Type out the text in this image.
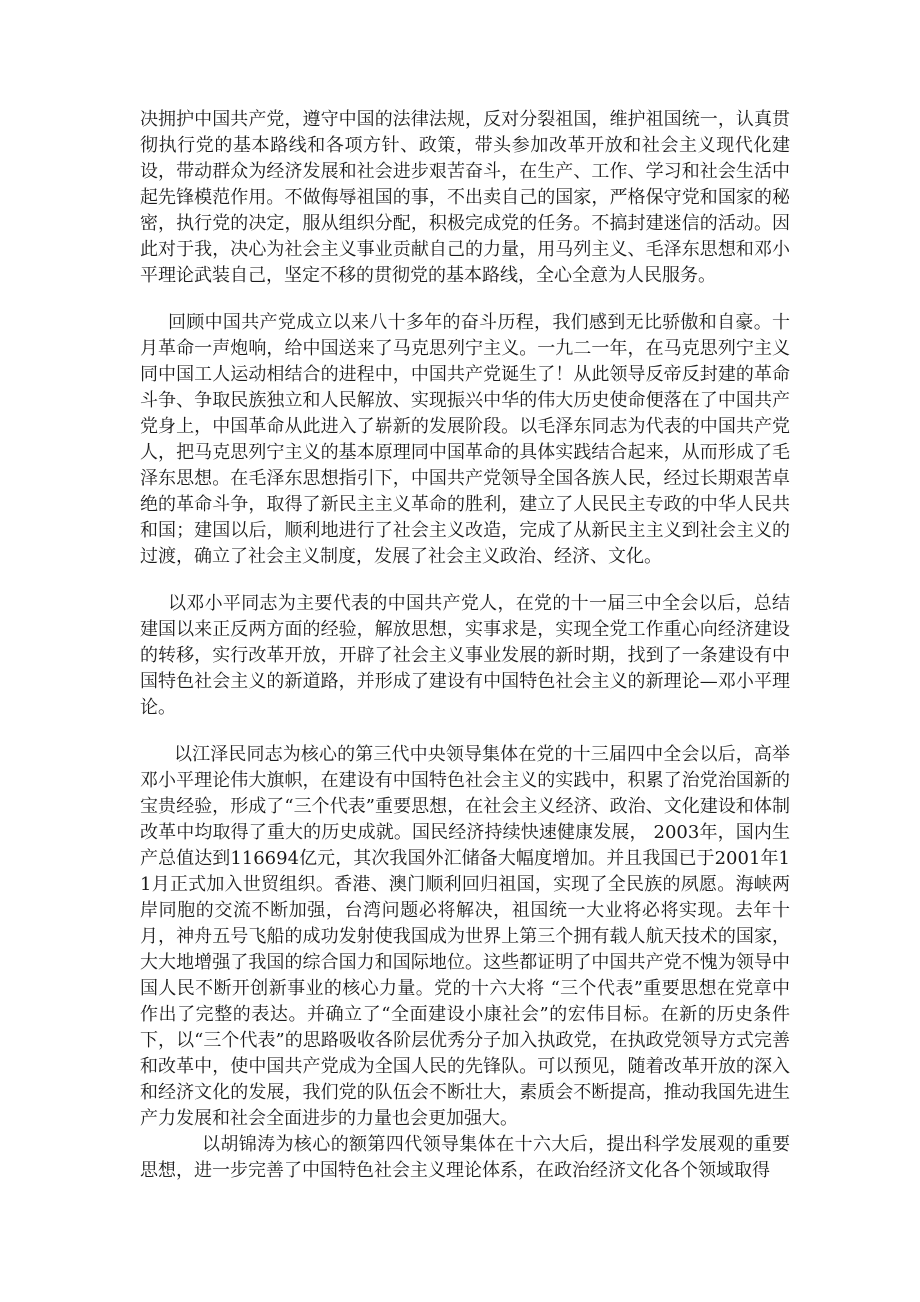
决拥护中国共产党，遵守中国的法律法规，反对分裂祖国，维护祖国统一，认真贯彻执行党的基本路线和各项方针、政策，带头参加改革开放和社会主义现代化建设，带动群众为经济发展和社会进步艰苦奋斗，在生产、工作、学习和社会生活中起先锋模范作用。不做侮辱祖国的事，不出卖自己的国家，严格保守党和国家的秘密，执行党的决定，服从组织分配，积极完成党的任务。不搞封建迷信的活动。因此对于我，决心为社会主义事业贡献自己的力量，用马列主义、毛泽东思想和邓小平理论武装自己，坚定不移的贯彻党的基本路线，全心全意为人民服务。

回顾中国共产党成立以来八十多年的奋斗历程，我们感到无比骄傲和自豪。十月革命一声炮响，给中国送来了马克思列宁主义。一九二一年，在马克思列宁主义同中国工人运动相结合的进程中，中国共产党诞生了！从此领导反帝反封建的革命斗争、争取民族独立和人民解放、实现振兴中华的伟大历史使命便落在了中国共产党身上，中国革命从此进入了崭新的发展阶段。以毛泽东同志为代表的中国共产党人，把马克思列宁主义的基本原理同中国革命的具体实践结合起来，从而形成了毛泽东思想。在毛泽东思想指引下，中国共产党领导全国各族人民，经过长期艰苦卓绝的革命斗争，取得了新民主主义革命的胜利，建立了人民民主专政的中华人民共和国；建国以后，顺利地进行了社会主义改造，完成了从新民主主义到社会主义的过渡，确立了社会主义制度，发展了社会主义政治、经济、文化。

以邓小平同志为主要代表的中国共产党人，在党的十一届三中全会以后，总结建国以来正反两方面的经验，解放思想，实事求是，实现全党工作重心向经济建设的转移，实行改革开放，开辟了社会主义事业发展的新时期，找到了一条建设有中国特色社会主义的新道路，并形成了建设有中国特色社会主义的新理论—邓小平理论。

以江泽民同志为核心的第三代中央领导集体在党的十三届四中全会以后，高举邓小平理论伟大旗帜，在建设有中国特色社会主义的实践中，积累了治党治国新的宝贵经验，形成了“三个代表”重要思想，在社会主义经济、政治、文化建设和体制改革中均取得了重大的历史成就。国民经济持续快速健康发展， 2003年，国内生产总值达到116694亿元，其次我国外汇储备大幅度增加。并且我国已于2001年11月正式加入世贸组织。香港、澳门顺利回归祖国，实现了全民族的夙愿。海峡两岸同胞的交流不断加强，台湾问题必将解决，祖国统一大业将必将实现。去年十月，神舟五号飞船的成功发射使我国成为世界上第三个拥有载人航天技术的国家，大大地增强了我国的综合国力和国际地位。这些都证明了中国共产党不愧为领导中国人民不断开创新事业的核心力量。党的十六大将 “三个代表”重要思想在党章中作出了完整的表达。并确立了“全面建设小康社会”的宏伟目标。在新的历史条件下，以“三个代表”的思路吸收各阶层优秀分子加入执政党，在执政党领导方式完善和改革中，使中国共产党成为全国人民的先锋队。可以预见，随着改革开放的深入和经济文化的发展，我们党的队伍会不断壮大，素质会不断提高，推动我国先进生产力发展和社会全面进步的力量也会更加强大。

以胡锦涛为核心的额第四代领导集体在十六大后，提出科学发展观的重要思想，进一步完善了中国特色社会主义理论体系，在政治经济文化各个领域取得
